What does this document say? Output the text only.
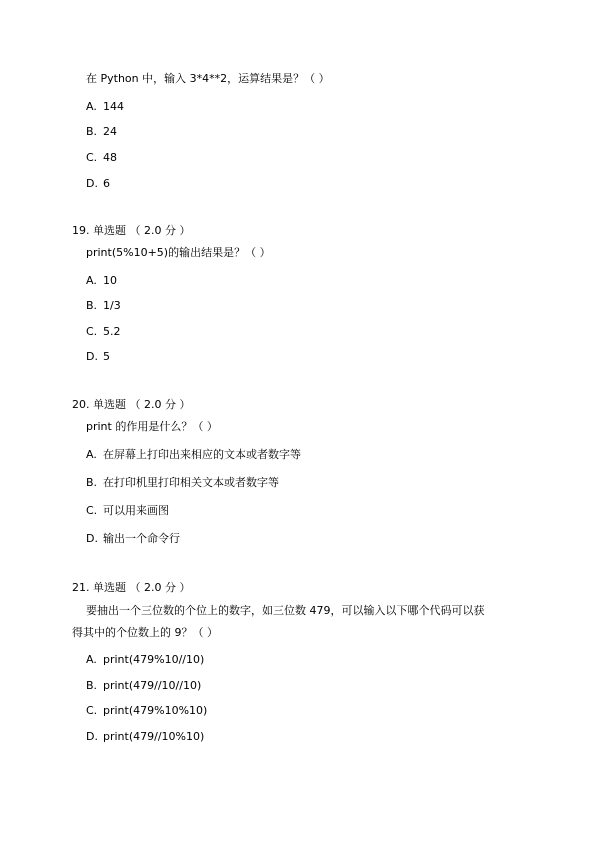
在 Python 中，输入 3*4**2，运算结果是？（ ）
A. 144
B. 24
C. 48
D. 6
19. 单选题 （ 2.0 分 ）
print(5%10+5)的输出结果是？（ ）
A. 10
B. 1/3
C. 5.2
D. 5
20. 单选题 （ 2.0 分 ）
print 的作用是什么？（ ）
A. 在屏幕上打印出来相应的文本或者数字等
B. 在打印机里打印相关文本或者数字等
C. 可以用来画图
D. 输出一个命令行
21. 单选题 （ 2.0 分 ）
要抽出一个三位数的个位上的数字，如三位数 479，可以输入以下哪个代码可以获
得其中的个位数上的 9？（ ）
A. print(479%10//10)
B. print(479//10//10)
C. print(479%10%10)
D. print(479//10%10)
